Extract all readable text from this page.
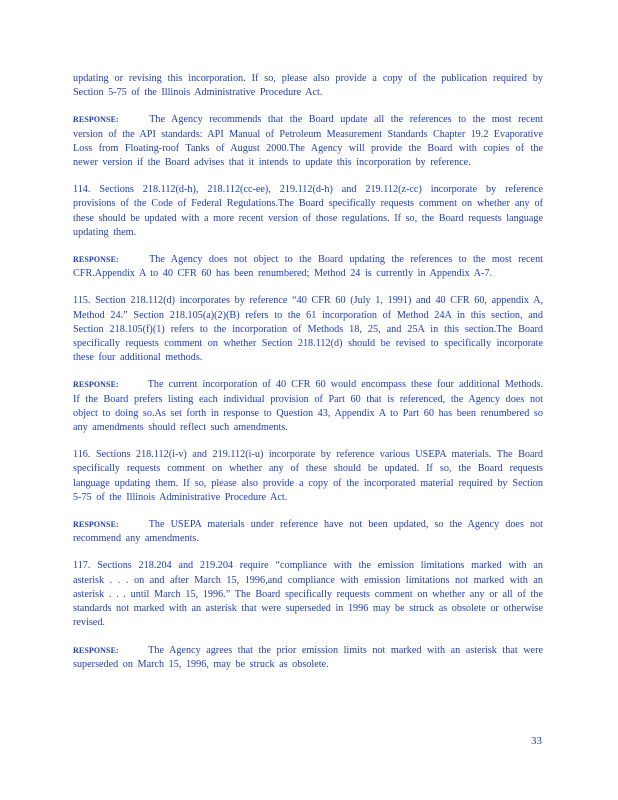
updating or revising this incorporation. If so, please also provide a copy of the publication required by Section 5-75 of the Illinois Administrative Procedure Act.

RESPONSE:	The Agency recommends that the Board update all the references to the most recent version of the API standards: API Manual of Petroleum Measurement Standards Chapter 19.2 Evaporative Loss from Floating-roof Tanks of August 2000.The Agency will provide the Board with copies of the newer version if the Board advises that it intends to update this incorporation by reference.

114. Sections 218.112(d-h), 218.112(cc-ee), 219.112(d-h) and 219.112(z-cc) incorporate by reference provisions of the Code of Federal Regulations.The Board specifically requests comment on whether any of these should be updated with a more recent version of those regulations. If so, the Board requests language updating them.

RESPONSE:	The Agency does not object to the Board updating the references to the most recent CFR.Appendix A to 40 CFR 60 has been renumbered; Method 24 is currently in Appendix A-7.

115. Section 218.112(d) incorporates by reference “40 CFR 60 (July 1, 1991) and 40 CFR 60, appendix A, Method 24.” Section 218.105(a)(2)(B) refers to the 61 incorporation of Method 24A in this section, and Section 218.105(f)(1) refers to the incorporation of Methods 18, 25, and 25A in this section.The Board specifically requests comment on whether Section 218.112(d) should be revised to specifically incorporate these four additional methods.

RESPONSE:	The current incorporation of 40 CFR 60 would encompass these four additional Methods. If the Board prefers listing each individual provision of Part 60 that is referenced, the Agency does not object to doing so.As set forth in response to Question 43, Appendix A to Part 60 has been renumbered so any amendments should reflect such amendments.

116. Sections 218.112(i-v) and 219.112(i-u) incorporate by reference various USEPA materials. The Board specifically requests comment on whether any of these should be updated. If so, the Board requests language updating them. If so, please also provide a copy of the incorporated material required by Section 5-75 of the Illinois Administrative Procedure Act.

RESPONSE:	The USEPA materials under reference have not been updated, so the Agency does not recommend any amendments.

117. Sections 218.204 and 219.204 require “compliance with the emission limitations marked with an asterisk . . . on and after March 15, 1996,and compliance with emission limitations not marked with an asterisk . . . until March 15, 1996.” The Board specifically requests comment on whether any or all of the standards not marked with an asterisk that were superseded in 1996 may be struck as obsolete or otherwise revised.

RESPONSE:	The Agency agrees that the prior emission limits not marked with an asterisk that were superseded on March 15, 1996, may be struck as obsolete.

33
